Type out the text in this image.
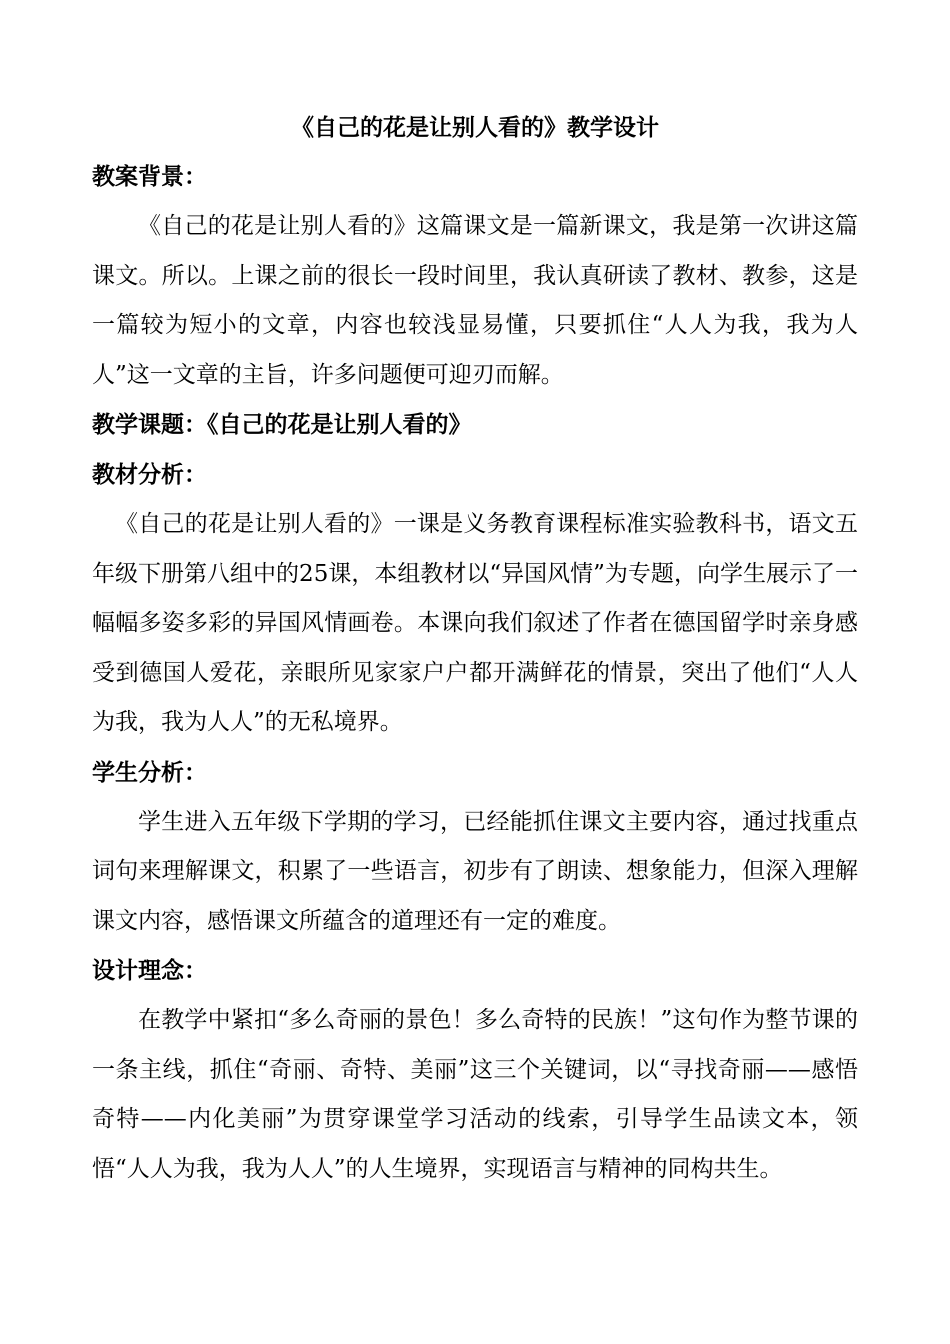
《自己的花是让别人看的》教学设计
教案背景：

《自己的花是让别人看的》这篇课文是一篇新课文，我是第一次讲这篇课文。所以。上课之前的很长一段时间里，我认真研读了教材、教参，这是一篇较为短小的文章，内容也较浅显易懂，只要抓住“人人为我，我为人人”这一文章的主旨，许多问题便可迎刃而解。

教学课题：《自己的花是让别人看的》
教材分析：

《自己的花是让别人看的》一课是义务教育课程标准实验教科书，语文五年级下册第八组中的25课，本组教材以“异国风情”为专题，向学生展示了一幅幅多姿多彩的异国风情画卷。本课向我们叙述了作者在德国留学时亲身感受到德国人爱花，亲眼所见家家户户都开满鲜花的情景，突出了他们“人人为我，我为人人”的无私境界。

学生分析：

学生进入五年级下学期的学习，已经能抓住课文主要内容，通过找重点词句来理解课文，积累了一些语言，初步有了朗读、想象能力，但深入理解课文内容，感悟课文所蕴含的道理还有一定的难度。

设计理念：

在教学中紧扣“多么奇丽的景色！多么奇特的民族！”这句作为整节课的一条主线，抓住“奇丽、奇特、美丽”这三个关键词，以“寻找奇丽——感悟奇特——内化美丽”为贯穿课堂学习活动的线索，引导学生品读文本，领悟“人人为我，我为人人”的人生境界，实现语言与精神的同构共生。
